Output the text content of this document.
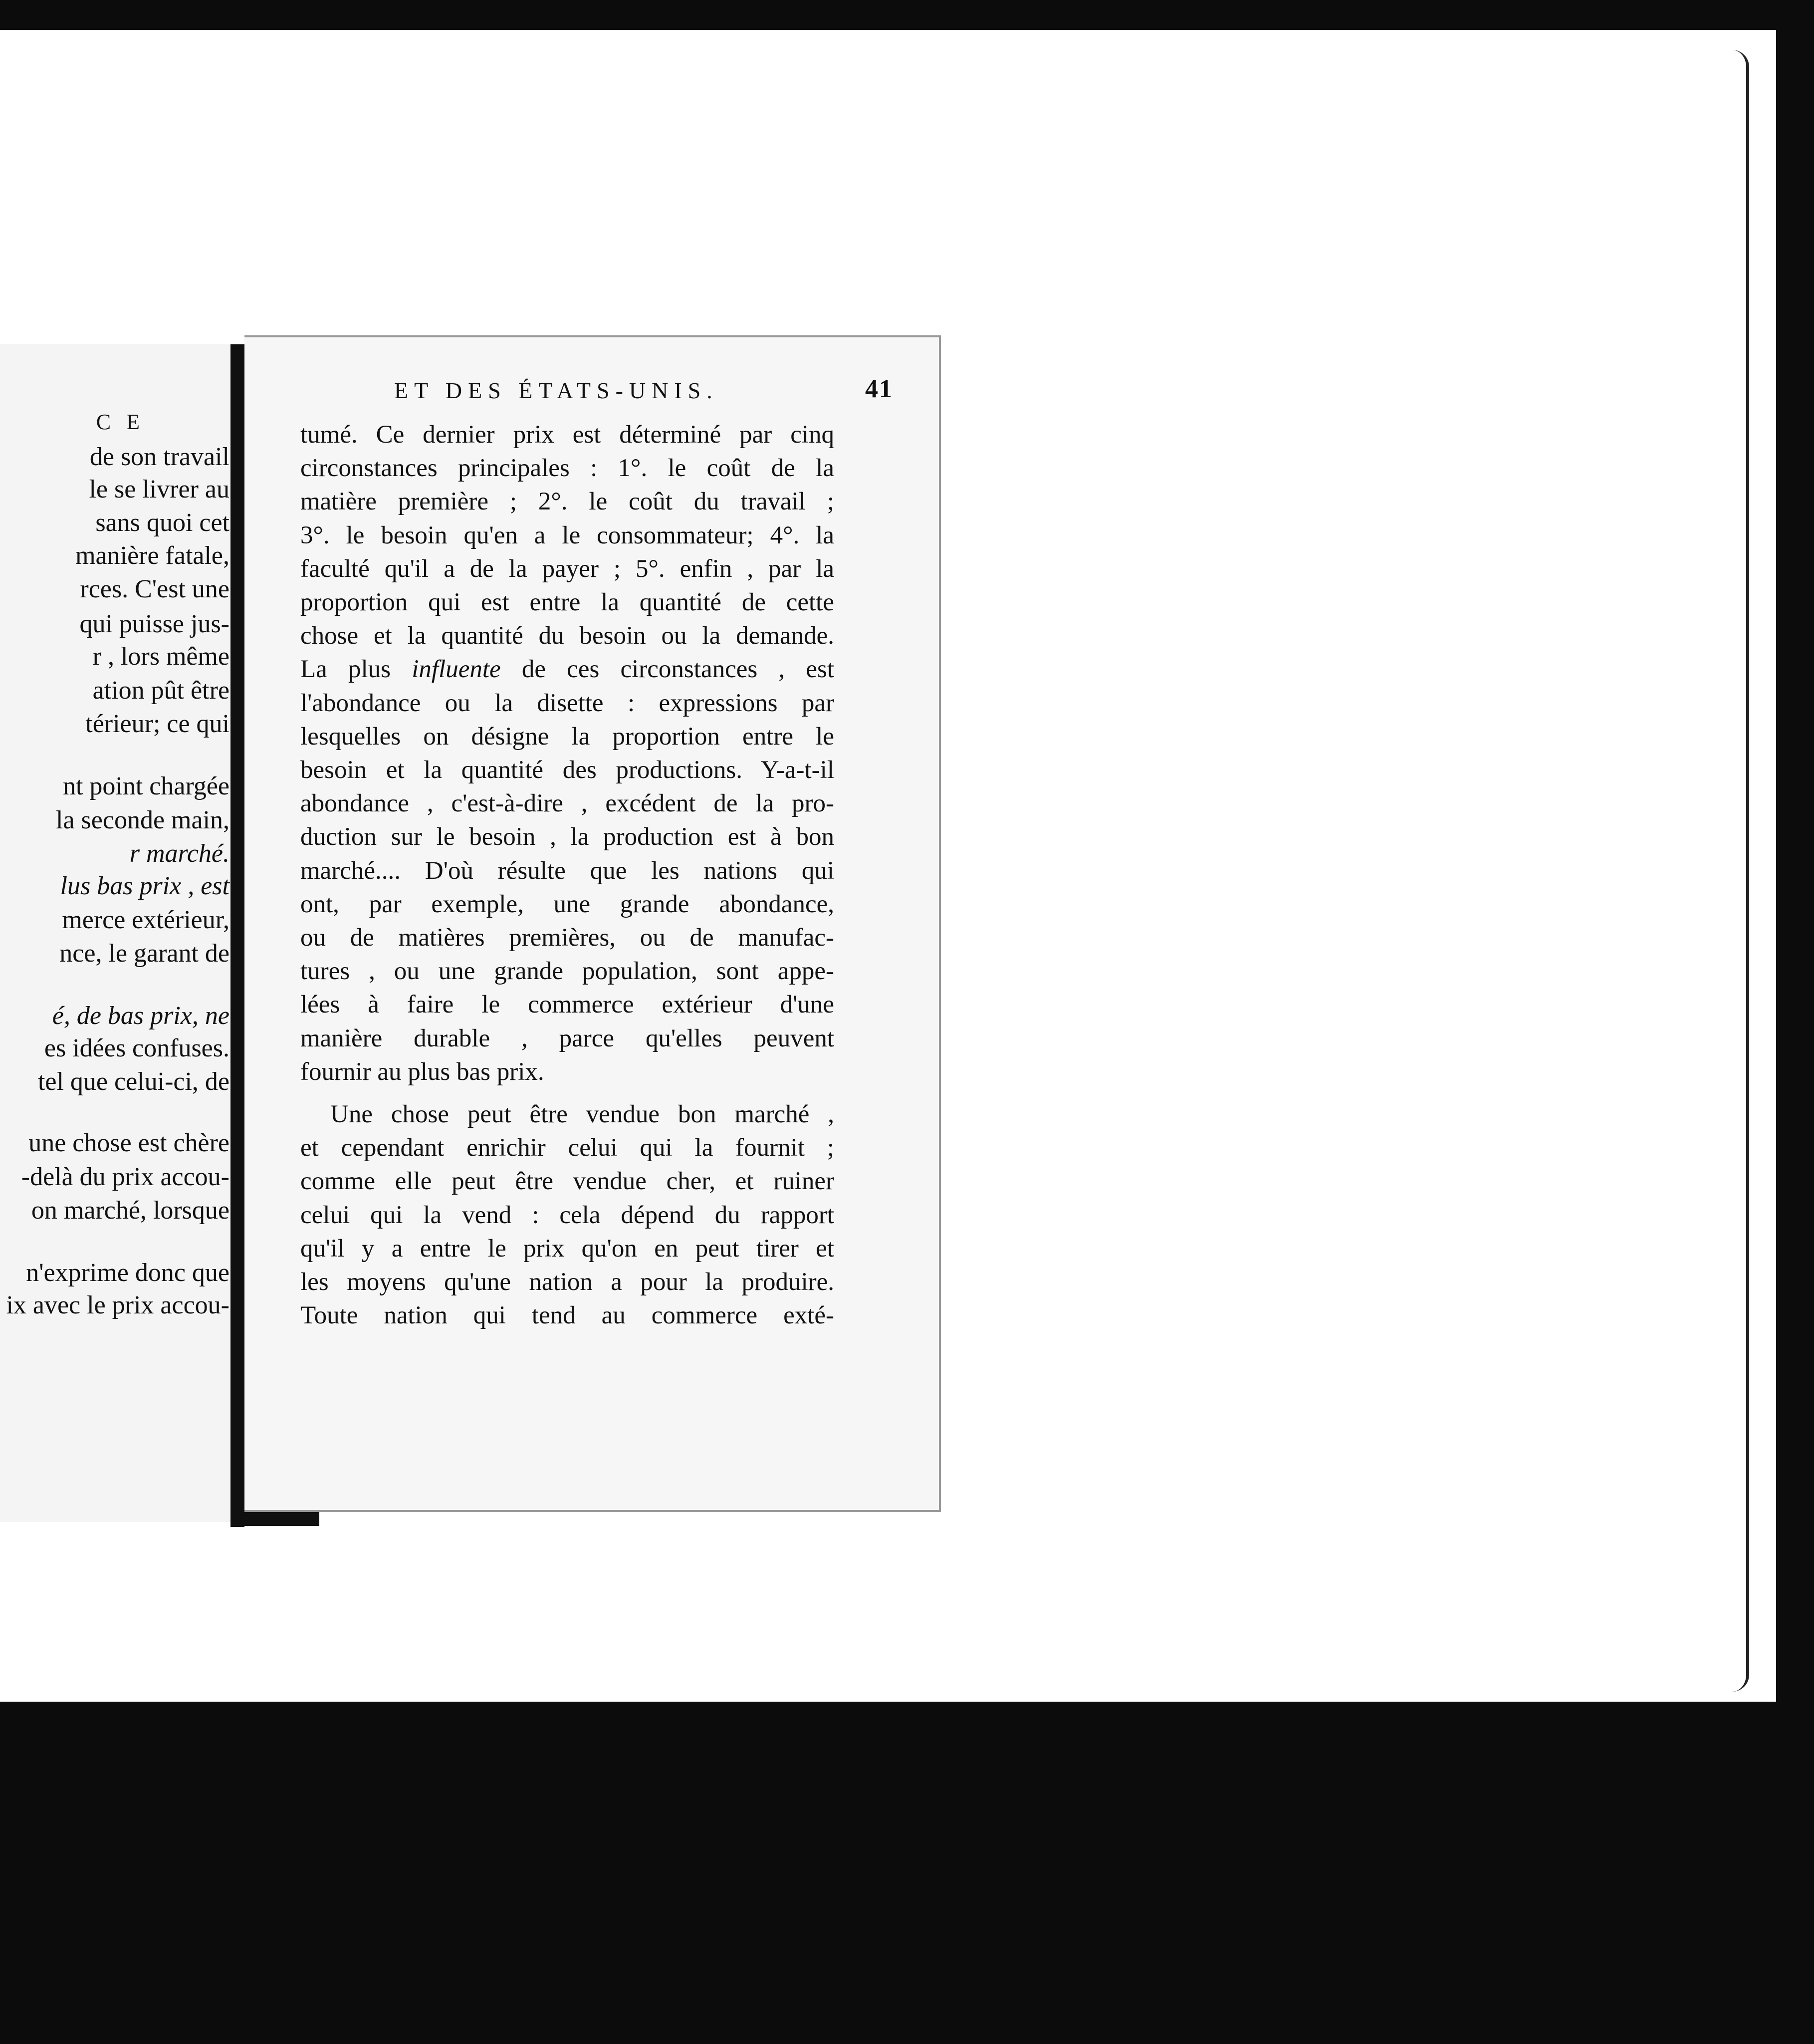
C E
de son travail
le se livrer au
sans quoi cet
manière fatale,
rces. C'est une
qui puisse jus-
r , lors même
ation pût être
térieur; ce qui
nt point chargée
la seconde main,
r marché.
lus bas prix , est
merce extérieur,
nce, le garant de
é, de bas prix, ne
es idées confuses.
tel que celui-ci, de
une chose est chère
-delà du prix accou-
on marché, lorsque
n'exprime donc que
ix avec le prix accou-
ET DES ÉTATS-UNIS.	41
tumé. Ce dernier prix est déterminé par cinq
circonstances principales : 1°. le coût de la
matière première ; 2°. le coût du travail ;
3°. le besoin qu'en a le consommateur; 4°. la
faculté qu'il a de la payer ; 5°. enfin , par la
proportion qui est entre la quantité de cette
chose et la quantité du besoin ou la demande.
La plus influente de ces circonstances , est
l'abondance ou la disette : expressions par
lesquelles on désigne la proportion entre le
besoin et la quantité des productions. Y-a-t-il
abondance , c'est-à-dire , excédent de la pro-
duction sur le besoin , la production est à bon
marché.... D'où résulte que les nations qui
ont, par exemple, une grande abondance,
ou de matières premières, ou de manufac-
tures , ou une grande population, sont appe-
lées à faire le commerce extérieur d'une
manière durable , parce qu'elles peuvent
fournir au plus bas prix.
Une chose peut être vendue bon marché ,
et cependant enrichir celui qui la fournit ;
comme elle peut être vendue cher, et ruiner
celui qui la vend : cela dépend du rapport
qu'il y a entre le prix qu'on en peut tirer et
les moyens qu'une nation a pour la produire.
Toute nation qui tend au commerce exté-
